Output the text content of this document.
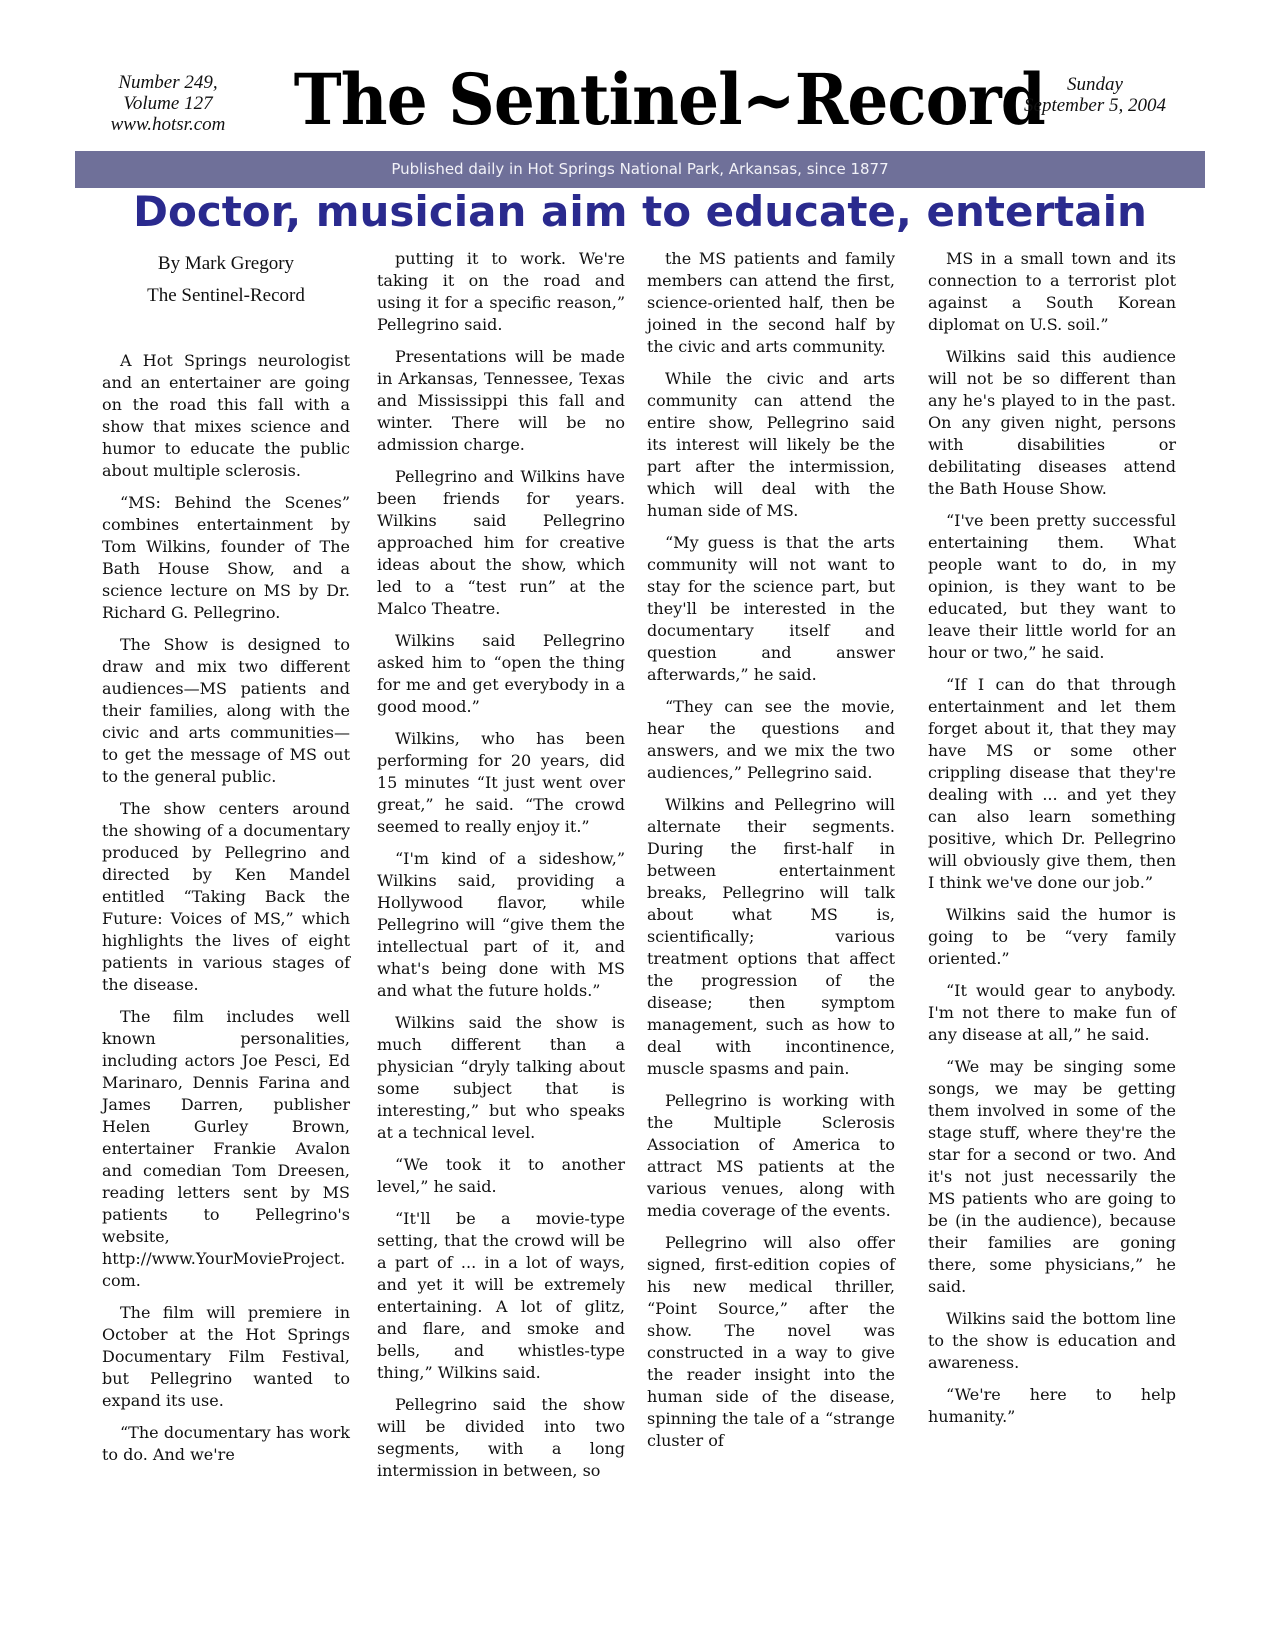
Number 249,
Volume 127
www.hotsr.com The Sentinel~Record	Sunday
September 5, 2004
Published daily in Hot Springs National Park, Arkansas, since 1877
Doctor, musician aim to educate, entertain
By Mark Gregory
The Sentinel-Record

A Hot Springs neurologist and an entertainer are going on the road this fall with a show that mixes science and humor to educate the public about multiple sclerosis.

“MS: Behind the Scenes” combines entertainment by Tom Wilkins, founder of The Bath House Show, and a science lecture on MS by Dr. Richard G. Pellegrino.

The Show is designed to draw and mix two different audiences—MS patients and their families, along with the civic and arts communities—to get the message of MS out to the general public.

The show centers around the showing of a documentary produced by Pellegrino and directed by Ken Mandel entitled “Taking Back the Future: Voices of MS,” which highlights the lives of eight patients in various stages of the disease.

The film includes well known personalities, including actors Joe Pesci, Ed Marinaro, Dennis Farina and James Darren, publisher Helen Gurley Brown, entertainer Frankie Avalon and comedian Tom Dreesen, reading letters sent by MS patients to Pellegrino's website, http://www.YourMovieProject.com.

The film will premiere in October at the Hot Springs Documentary Film Festival, but Pellegrino wanted to expand its use.

“The documentary has work to do. And we're

putting it to work. We're taking it on the road and using it for a specific reason,” Pellegrino said.

Presentations will be made in Arkansas, Tennessee, Texas and Mississippi this fall and winter. There will be no admission charge.

Pellegrino and Wilkins have been friends for years. Wilkins said Pellegrino approached him for creative ideas about the show, which led to a “test run” at the Malco Theatre.

Wilkins said Pellegrino asked him to “open the thing for me and get everybody in a good mood.”

Wilkins, who has been performing for 20 years, did 15 minutes “It just went over great,” he said. “The crowd seemed to really enjoy it.”

“I'm kind of a sideshow,” Wilkins said, providing a Hollywood flavor, while Pellegrino will “give them the intellectual part of it, and what's being done with MS and what the future holds.”

Wilkins said the show is much different than a physician “dryly talking about some subject that is interesting,” but who speaks at a technical level.

“We took it to another level,” he said.

“It'll be a movie-type setting, that the crowd will be a part of ... in a lot of ways, and yet it will be extremely entertaining. A lot of glitz, and flare, and smoke and bells, and whistles-type thing,” Wilkins said.

Pellegrino said the show will be divided into two segments, with a long intermission in between, so

the MS patients and family members can attend the first, science-oriented half, then be joined in the second half by the civic and arts community.

While the civic and arts community can attend the entire show, Pellegrino said its interest will likely be the part after the intermission, which will deal with the human side of MS.

“My guess is that the arts community will not want to stay for the science part, but they'll be interested in the documentary itself and question and answer afterwards,” he said.

“They can see the movie, hear the questions and answers, and we mix the two audiences,” Pellegrino said.

Wilkins and Pellegrino will alternate their segments. During the first-half in between entertainment breaks, Pellegrino will talk about what MS is, scientifically; various treatment options that affect the progression of the disease; then symptom management, such as how to deal with incontinence, muscle spasms and pain.

Pellegrino is working with the Multiple Sclerosis Association of America to attract MS patients at the various venues, along with media coverage of the events.

Pellegrino will also offer signed, first-edition copies of his new medical thriller, “Point Source,” after the show. The novel was constructed in a way to give the reader insight into the human side of the disease, spinning the tale of a “strange cluster of

MS in a small town and its connection to a terrorist plot against a South Korean diplomat on U.S. soil.”

Wilkins said this audience will not be so different than any he's played to in the past. On any given night, persons with disabilities or debilitating diseases attend the Bath House Show.

“I've been pretty successful entertaining them. What people want to do, in my opinion, is they want to be educated, but they want to leave their little world for an hour or two,” he said.

“If I can do that through entertainment and let them forget about it, that they may have MS or some other crippling disease that they're dealing with ... and yet they can also learn something positive, which Dr. Pellegrino will obviously give them, then I think we've done our job.”

Wilkins said the humor is going to be “very family oriented.”

“It would gear to anybody. I'm not there to make fun of any disease at all,” he said.

“We may be singing some songs, we may be getting them involved in some of the stage stuff, where they're the star for a second or two. And it's not just necessarily the MS patients who are going to be (in the audience), because their families are goning there, some physicians,” he said.

Wilkins said the bottom line to the show is education and awareness.

“We're here to help humanity.”
